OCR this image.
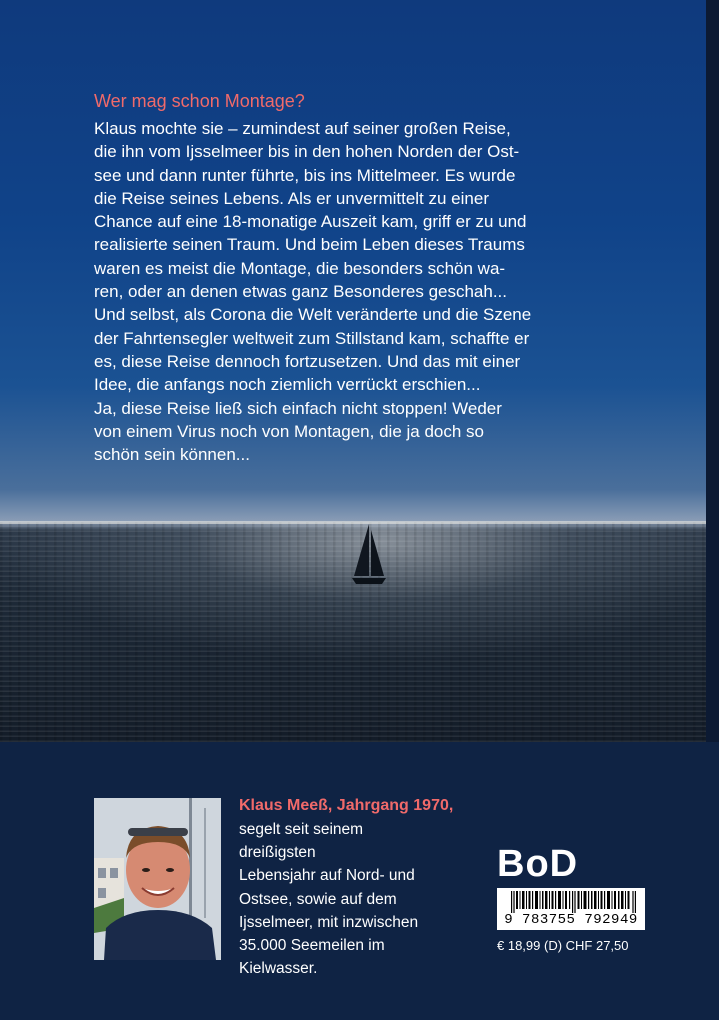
Wer mag schon Montage?

Klaus mochte sie – zumindest auf seiner großen Reise,
die ihn vom Ijsselmeer bis in den hohen Norden der Ost-
see und dann runter führte, bis ins Mittelmeer. Es wurde
die Reise seines Lebens. Als er unvermittelt zu einer
Chance auf eine 18-monatige Auszeit kam, griff er zu und
realisierte seinen Traum. Und beim Leben dieses Traums
waren es meist die Montage, die besonders schön wa-
ren, oder an denen etwas ganz Besonderes geschah...
Und selbst, als Corona die Welt veränderte und die Szene
der Fahrtensegler weltweit zum Stillstand kam, schaffte er
es, diese Reise dennoch fortzusetzen. Und das mit einer
Idee, die anfangs noch ziemlich verrückt erschien...
Ja, diese Reise ließ sich einfach nicht stoppen! Weder
von einem Virus noch von Montagen, die ja doch so
schön sein können...

Klaus Meeß, Jahrgang 1970,

segelt seit seinem dreißigsten
Lebensjahr auf Nord- und
Ostsee, sowie auf dem
Ijsselmeer, mit inzwischen
35.000 Seemeilen im
Kielwasser.

BoD

9 783755 792949

€ 18,99 (D) CHF 27,50
